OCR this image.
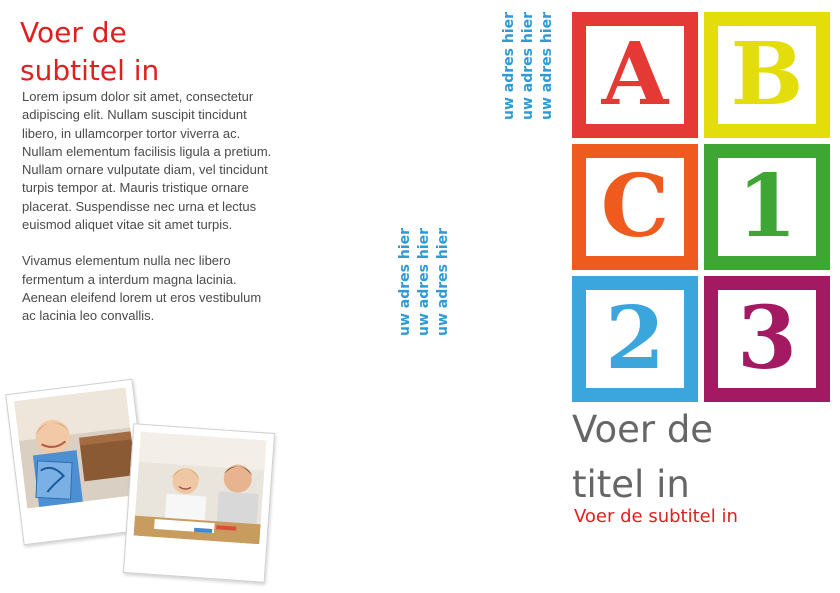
Voer de
subtitel in

Lorem ipsum dolor sit amet, consectetur adipiscing elit. Nullam suscipit tincidunt libero, in ullamcorper tortor viverra ac. Nullam elementum facilisis ligula a pretium. Nullam ornare vulputate diam, vel tincidunt turpis tempor at. Mauris tristique ornare placerat. Suspendisse nec urna et lectus euismod aliquet vitae sit amet turpis.

Vivamus elementum nulla nec libero fermentum a interdum magna lacinia. Aenean eleifend lorem ut eros vestibulum ac lacinia leo convallis.	uw adres hier uw adres hier uw adres hier
uw adres hier uw adres hier uw adres hier A B
C 1
2 3
Voer de
titel in
Voer de subtitel in
